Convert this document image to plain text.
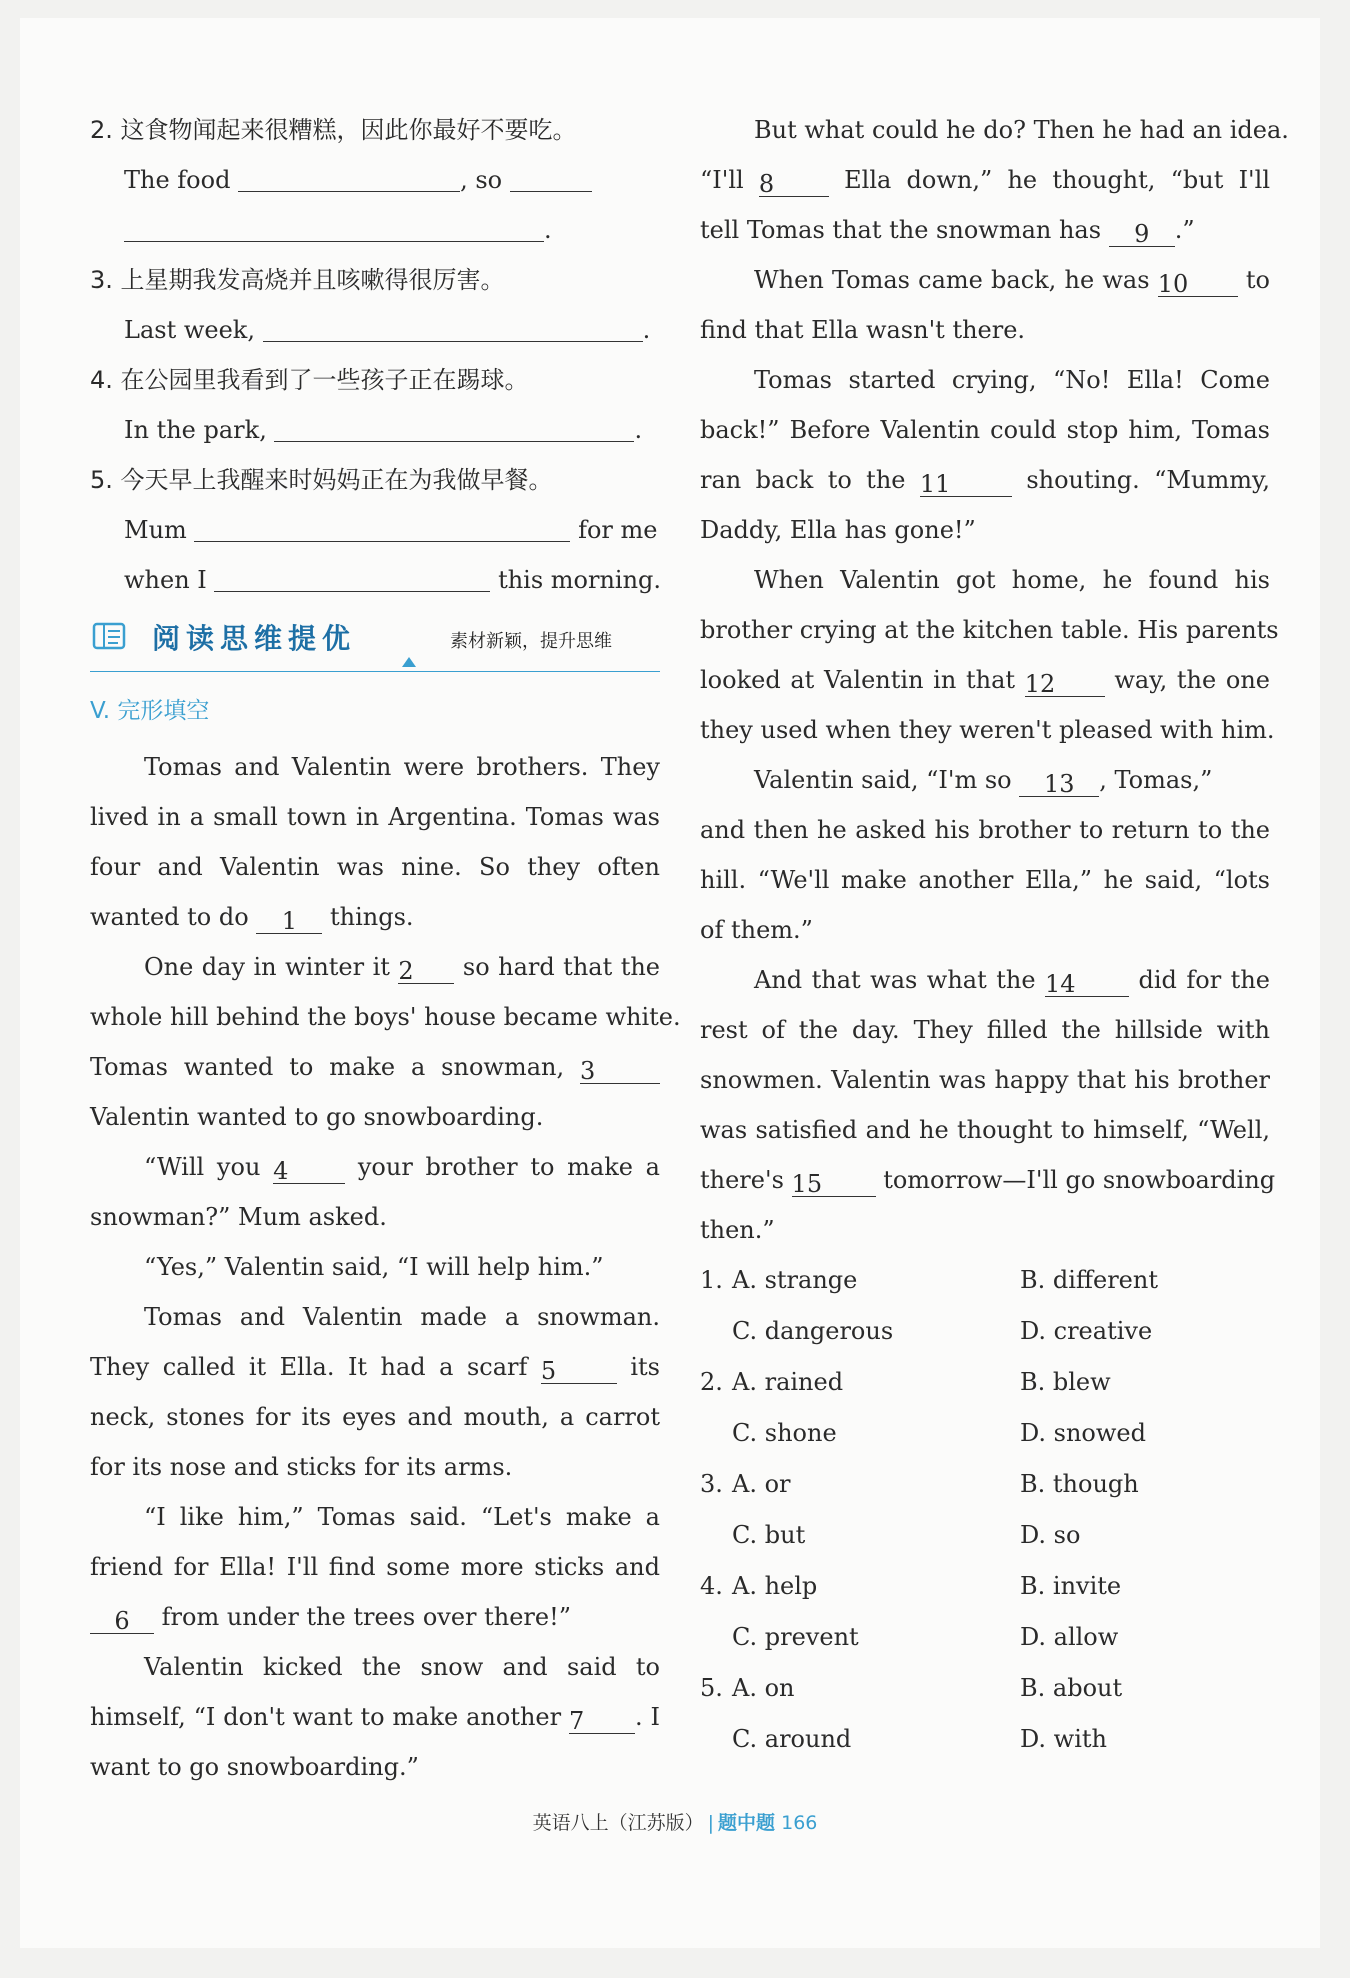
2. 这食物闻起来很糟糕，因此你最好不要吃。
The food	, so
.
3. 上星期我发高烧并且咳嗽得很厉害。
Last week,	.
4. 在公园里我看到了一些孩子正在踢球。
In the park,	.
5. 今天早上我醒来时妈妈正在为我做早餐。
Mum	for me
when I	this morning.
阅读思维提优	素材新颖，提升思维
V. 完形填空
Tomas and Valentin were brothers. They
lived in a small town in Argentina. Tomas was
four and Valentin was nine. So they often
wanted to do 1 things.
One day in winter it 2 so hard that the
whole hill behind the boys' house became white.
Tomas wanted to make a snowman, 3
Valentin wanted to go snowboarding.
“Will you 4	your brother to make a
snowman?” Mum asked.
“Yes,” Valentin said, “I will help him.”
Tomas and Valentin made a snowman.
They called it Ella. It had a scarf 5	its
neck, stones for its eyes and mouth, a carrot
for its nose and sticks for its arms.
“I like him,” Tomas said. “Let's make a
friend for Ella! I'll find some more sticks and
6 from under the trees over there!”
Valentin kicked the snow and said to
himself, “I don't want to make another 7 . I
want to go snowboarding.”
But what could he do? Then he had an idea.
“I'll 8	Ella down,” he thought, “but I'll
tell Tomas that the snowman has 9 .”
When Tomas came back, he was 10 to
find that Ella wasn't there.
Tomas started crying, “No! Ella! Come
back!” Before Valentin could stop him, Tomas
ran back to the 11	shouting. “Mummy,
Daddy, Ella has gone!”
When Valentin got home, he found his
brother crying at the kitchen table. His parents
looked at Valentin in that 12 way, the one
they used when they weren't pleased with him.
Valentin said, “I'm so 13 , Tomas,”
and then he asked his brother to return to the
hill. “We'll make another Ella,” he said, “lots
of them.”
And that was what the 14	did for the
rest of the day. They filled the hillside with
snowmen. Valentin was happy that his brother
was satisfied and he thought to himself, “Well,
there's 15	tomorrow—I'll go snowboarding
then.”
1. A. strange	B. different
C. dangerous	D. creative
2. A. rained	B. blew
C. shone	D. snowed
3. A. or	B. though
C. but	D. so
4. A. help	B. invite
C. prevent	D. allow
5. A. on	B. about
C. around	D. with
英语八上（江苏版） | 题中题 166
